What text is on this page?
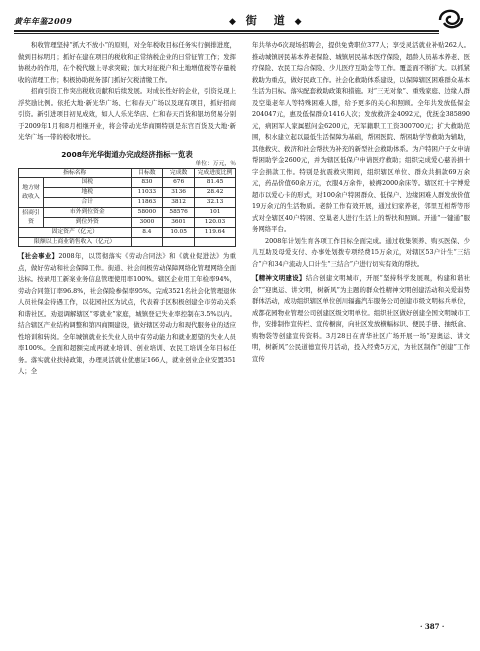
黄年年鉴2009	◆ 街　道 ◆

积收管理坚持“抓大不放小”的原则，对全年税收目标任务实行倒排进度，做到目标明月；抓好在建在项目的税收和正常纳税企业的日常征管工作；发挥协税办的作用，在个税代缴上寻求突破；加大对征税户和土地增值税等存量税收的清理工作；积极协助税务部门抓好欠税清缴工作。

招商引资工作突出税收贡献和后续发展。对成长性好的企业，引资兑现上浮奖励比例。依托大地·新光华广场、仁和春天广场以及现有项目，抓好招商引资。新引进项目初见成效，如人人乐光华店、仁和春天百货和银坊贸易分别于2009年1月和8月相继开业，将会带动光华商圈特别是东宫百货及大地·新光华广场一带的税收增长。

2008年光华街道办完成经济指标一览表

单位：万元，％

指标名称		目标数	完成数	完成进度比例
地方财政收入	国税	830	676	81.45
	地税	11033	3136	28.42
	合计	11863	3812	32.13
招商引资	市外到位资金	58000	58576	101
	到位外资	3000	3601	120.03
固定资产（亿元）		8.4	10.05	119.64
限额以上商业销售收入（亿元）				

【社会事业】2008年，以贯彻落实《劳动合同法》和《就业促进法》为重点，做好劳动和社会保障工作。街道、社会间极劳动保障网络化管理网络全面达标。按录用工新案业务信息管理使用率100%。辖区企业用工年检率94%，劳动合同签订率96.8%，社会保险参保率95%。完成3521名社会化管理退休人员社保金待遇工作，以花园社区为试点，代表着手区积极创建全市劳动关系和谐社区。劝退调解辖区“零就业”家庭，城镇登记失业率控制在3.5%以内。结合辖区产业结构调整和第四商圈建设，做好辖区劳动力和现代服务业的适应性培训和转岗。全年城镇就业长失业人员中有劳动能力和就业愿望的失业人员率100%。全面和超额完成再就业培训、创业培训、农民工培训全年目标任务。落实就业扶持政策，办理灵活就业优惠证166人，就业创业企业安置351人；全

年共举办6次现场招聘会，提供免费职位377人；享受灵活就业补贴262人。推动城镇居民基本养老保险、城镇居民基本医疗保险，超龄人员基本养老、医疗保险、农民工综合保险、少儿医疗互助金等工作。覆盖面不断扩大。以抓紧救助为重点，做好民政工作。社会化救助体系建设，以保障辖区困难群众基本生活为目标。落实配套救助政策和措施。对“三无对象”、重残家庭、边缘人群及空巢老年人等特殊困难人群，给予更多的关心和照顾。全年共发放低保金204047元，惠及低保群众1416人次；发放救济金4092元，优抚金385890元，病困军人家属慰问金6200元，无军籍职工工资300700元；扩大救助范围，积水建立起以最低生活保障为基础，帮困医院、帮困助学等救助为辅助，其他救灾、救济和社会帮扶为补充的新型社会救助体系。为户特困户子女申请帮困助学金2600元，并为辖区低保户申请医疗救助；组织完成爱心慈善捐十字会捐款工作。特别是抗震救灾期间，组织辖区单位、群众共捐款69万余元，药品价值60余万元，衣服4万余件，被褥2000余床等。辖区红十字博爱超市以爱心卡的形式，对100余户特困群众、低保户、边缘困难人群发放价值19万余元的生活物质。老龄工作有效开展，通过妇家养老，邻里互相帮等形式对全辖区40户特困、空巢老人进行生活上的帮扶和照顾。开通“一键通”服务网络平台。

2008年计划生育各项工作目标全面完成。通过收集领养、购买医保、少儿互助及母爱支付、办事处划拨专项经费15万余元，对辖区53户计生“三结合”户和34户流动人口计生“三结合”户进行切实有效的帮扶。

【精神文明建设】结合创建文明城市，开展“坚持科学发展观，构建和谐社会”“迎奥运、讲文明，树新风”为主题的群众性精神文明创建活动和关爱弱势群体活动，成功组织辖区单位创川辐鑫汽车服务公司创建市级文明标兵单位，成都花园物业管理公司创建区级文明单位。组织社区做好创建全国文明城市工作，安排制作宣传栏、宣传橱窗，向社区发放横幅标识、便民手册、抽纸盒、购物袋等创建宣传资料。3月28日在青华社区广场开展一场“迎奥运、讲文明，树新风”公民道德宣传月活动，投入经费5万元，为社区制作“创建”工作宣传

· 387 ·
